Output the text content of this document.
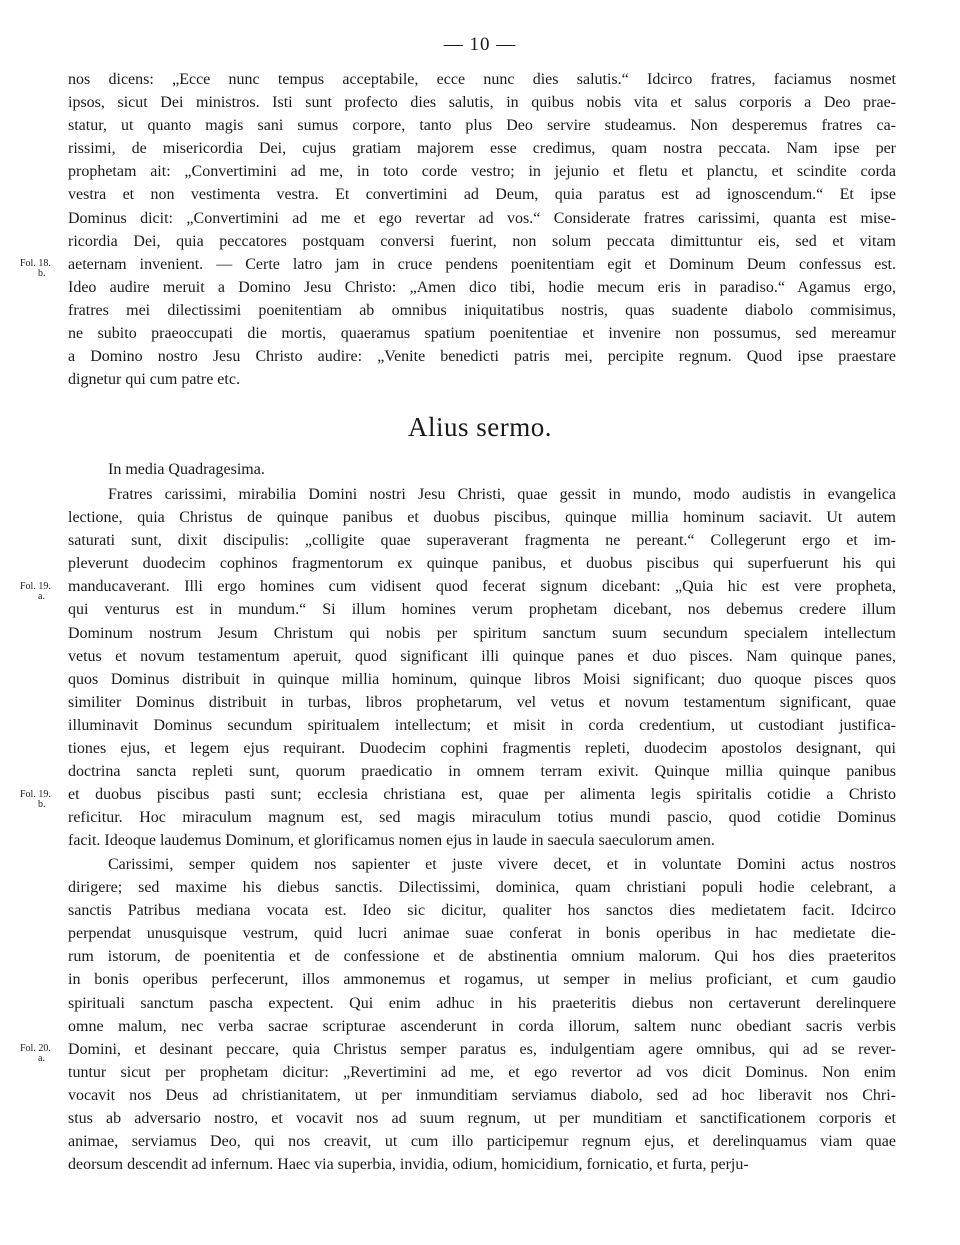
— 10 —
nos dicens: „Ecce nunc tempus acceptabile, ecce nunc dies salutis.“ Idcirco fratres, faciamus nosmet
ipsos, sicut Dei ministros. Isti sunt profecto dies salutis, in quibus nobis vita et salus corporis a Deo prae-
statur, ut quanto magis sani sumus corpore, tanto plus Deo servire studeamus. Non desperemus fratres ca-
rissimi, de misericordia Dei, cujus gratiam majorem esse credimus, quam nostra peccata. Nam ipse per
prophetam ait: „Convertimini ad me, in toto corde vestro; in jejunio et fletu et planctu, et scindite corda
vestra et non vestimenta vestra. Et convertimini ad Deum, quia paratus est ad ignoscendum.“ Et ipse
Dominus dicit: „Convertimini ad me et ego revertar ad vos.“ Considerate fratres carissimi, quanta est mise-
ricordia Dei, quia peccatores postquam conversi fuerint, non solum peccata dimittuntur eis, sed et vitam
aeternam invenient. — Certe latro jam in cruce pendens poenitentiam egit et Dominum Deum confessus est.
Ideo audire meruit a Domino Jesu Christo: „Amen dico tibi, hodie mecum eris in paradiso.“ Agamus ergo,
fratres mei dilectissimi poenitentiam ab omnibus iniquitatibus nostris, quas suadente diabolo commisimus,
ne subito praeoccupati die mortis, quaeramus spatium poenitentiae et invenire non possumus, sed mereamur
a Domino nostro Jesu Christo audire: „Venite benedicti patris mei, percipite regnum. Quod ipse praestare
dignetur qui cum patre etc.
Alius sermo.
In media Quadragesima.
Fratres carissimi, mirabilia Domini nostri Jesu Christi, quae gessit in mundo, modo audistis in evangelica
lectione, quia Christus de quinque panibus et duobus piscibus, quinque millia hominum saciavit. Ut autem
saturati sunt, dixit discipulis: „colligite quae superaverant fragmenta ne pereant.“ Collegerunt ergo et im-
pleverunt duodecim cophinos fragmentorum ex quinque panibus, et duobus piscibus qui superfuerunt his qui
manducaverant. Illi ergo homines cum vidisent quod fecerat signum dicebant: „Quia hic est vere propheta,
qui venturus est in mundum.“ Si illum homines verum prophetam dicebant, nos debemus credere illum
Dominum nostrum Jesum Christum qui nobis per spiritum sanctum suum secundum specialem intellectum
vetus et novum testamentum aperuit, quod significant illi quinque panes et duo pisces. Nam quinque panes,
quos Dominus distribuit in quinque millia hominum, quinque libros Moisi significant; duo quoque pisces quos
similiter Dominus distribuit in turbas, libros prophetarum, vel vetus et novum testamentum significant, quae
illuminavit Dominus secundum spiritualem intellectum; et misit in corda credentium, ut custodiant justifica-
tiones ejus, et legem ejus requirant. Duodecim cophini fragmentis repleti, duodecim apostolos designant, qui
doctrina sancta repleti sunt, quorum praedicatio in omnem terram exivit. Quinque millia quinque panibus
et duobus piscibus pasti sunt; ecclesia christiana est, quae per alimenta legis spiritalis cotidie a Christo
reficitur. Hoc miraculum magnum est, sed magis miraculum totius mundi pascio, quod cotidie Dominus
facit. Ideoque laudemus Dominum, et glorificamus nomen ejus in laude in saecula saeculorum amen.
Carissimi, semper quidem nos sapienter et juste vivere decet, et in voluntate Domini actus nostros
dirigere; sed maxime his diebus sanctis. Dilectissimi, dominica, quam christiani populi hodie celebrant, a
sanctis Patribus mediana vocata est. Ideo sic dicitur, qualiter hos sanctos dies medietatem facit. Idcirco
perpendat unusquisque vestrum, quid lucri animae suae conferat in bonis operibus in hac medietate die-
rum istorum, de poenitentia et de confessione et de abstinentia omnium malorum. Qui hos dies praeteritos
in bonis operibus perfecerunt, illos ammonemus et rogamus, ut semper in melius proficiant, et cum gaudio
spirituali sanctum pascha expectent. Qui enim adhuc in his praeteritis diebus non certaverunt derelinquere
omne malum, nec verba sacrae scripturae ascenderunt in corda illorum, saltem nunc obediant sacris verbis
Domini, et desinant peccare, quia Christus semper paratus es, indulgentiam agere omnibus, qui ad se rever-
tuntur sicut per prophetam dicitur: „Revertimini ad me, et ego revertor ad vos dicit Dominus. Non enim
vocavit nos Deus ad christianitatem, ut per inmunditiam serviamus diabolo, sed ad hoc liberavit nos Chri-
stus ab adversario nostro, et vocavit nos ad suum regnum, ut per munditiam et sanctificationem corporis et
animae, serviamus Deo, qui nos creavit, ut cum illo participemur regnum ejus, et derelinquamus viam quae
deorsum descendit ad infernum. Haec via superbia, invidia, odium, homicidium, fornicatio, et furta, perju-
Fol. 18.
b.
Fol. 19.
a.
Fol. 19.
b.
Fol. 20.
a.
